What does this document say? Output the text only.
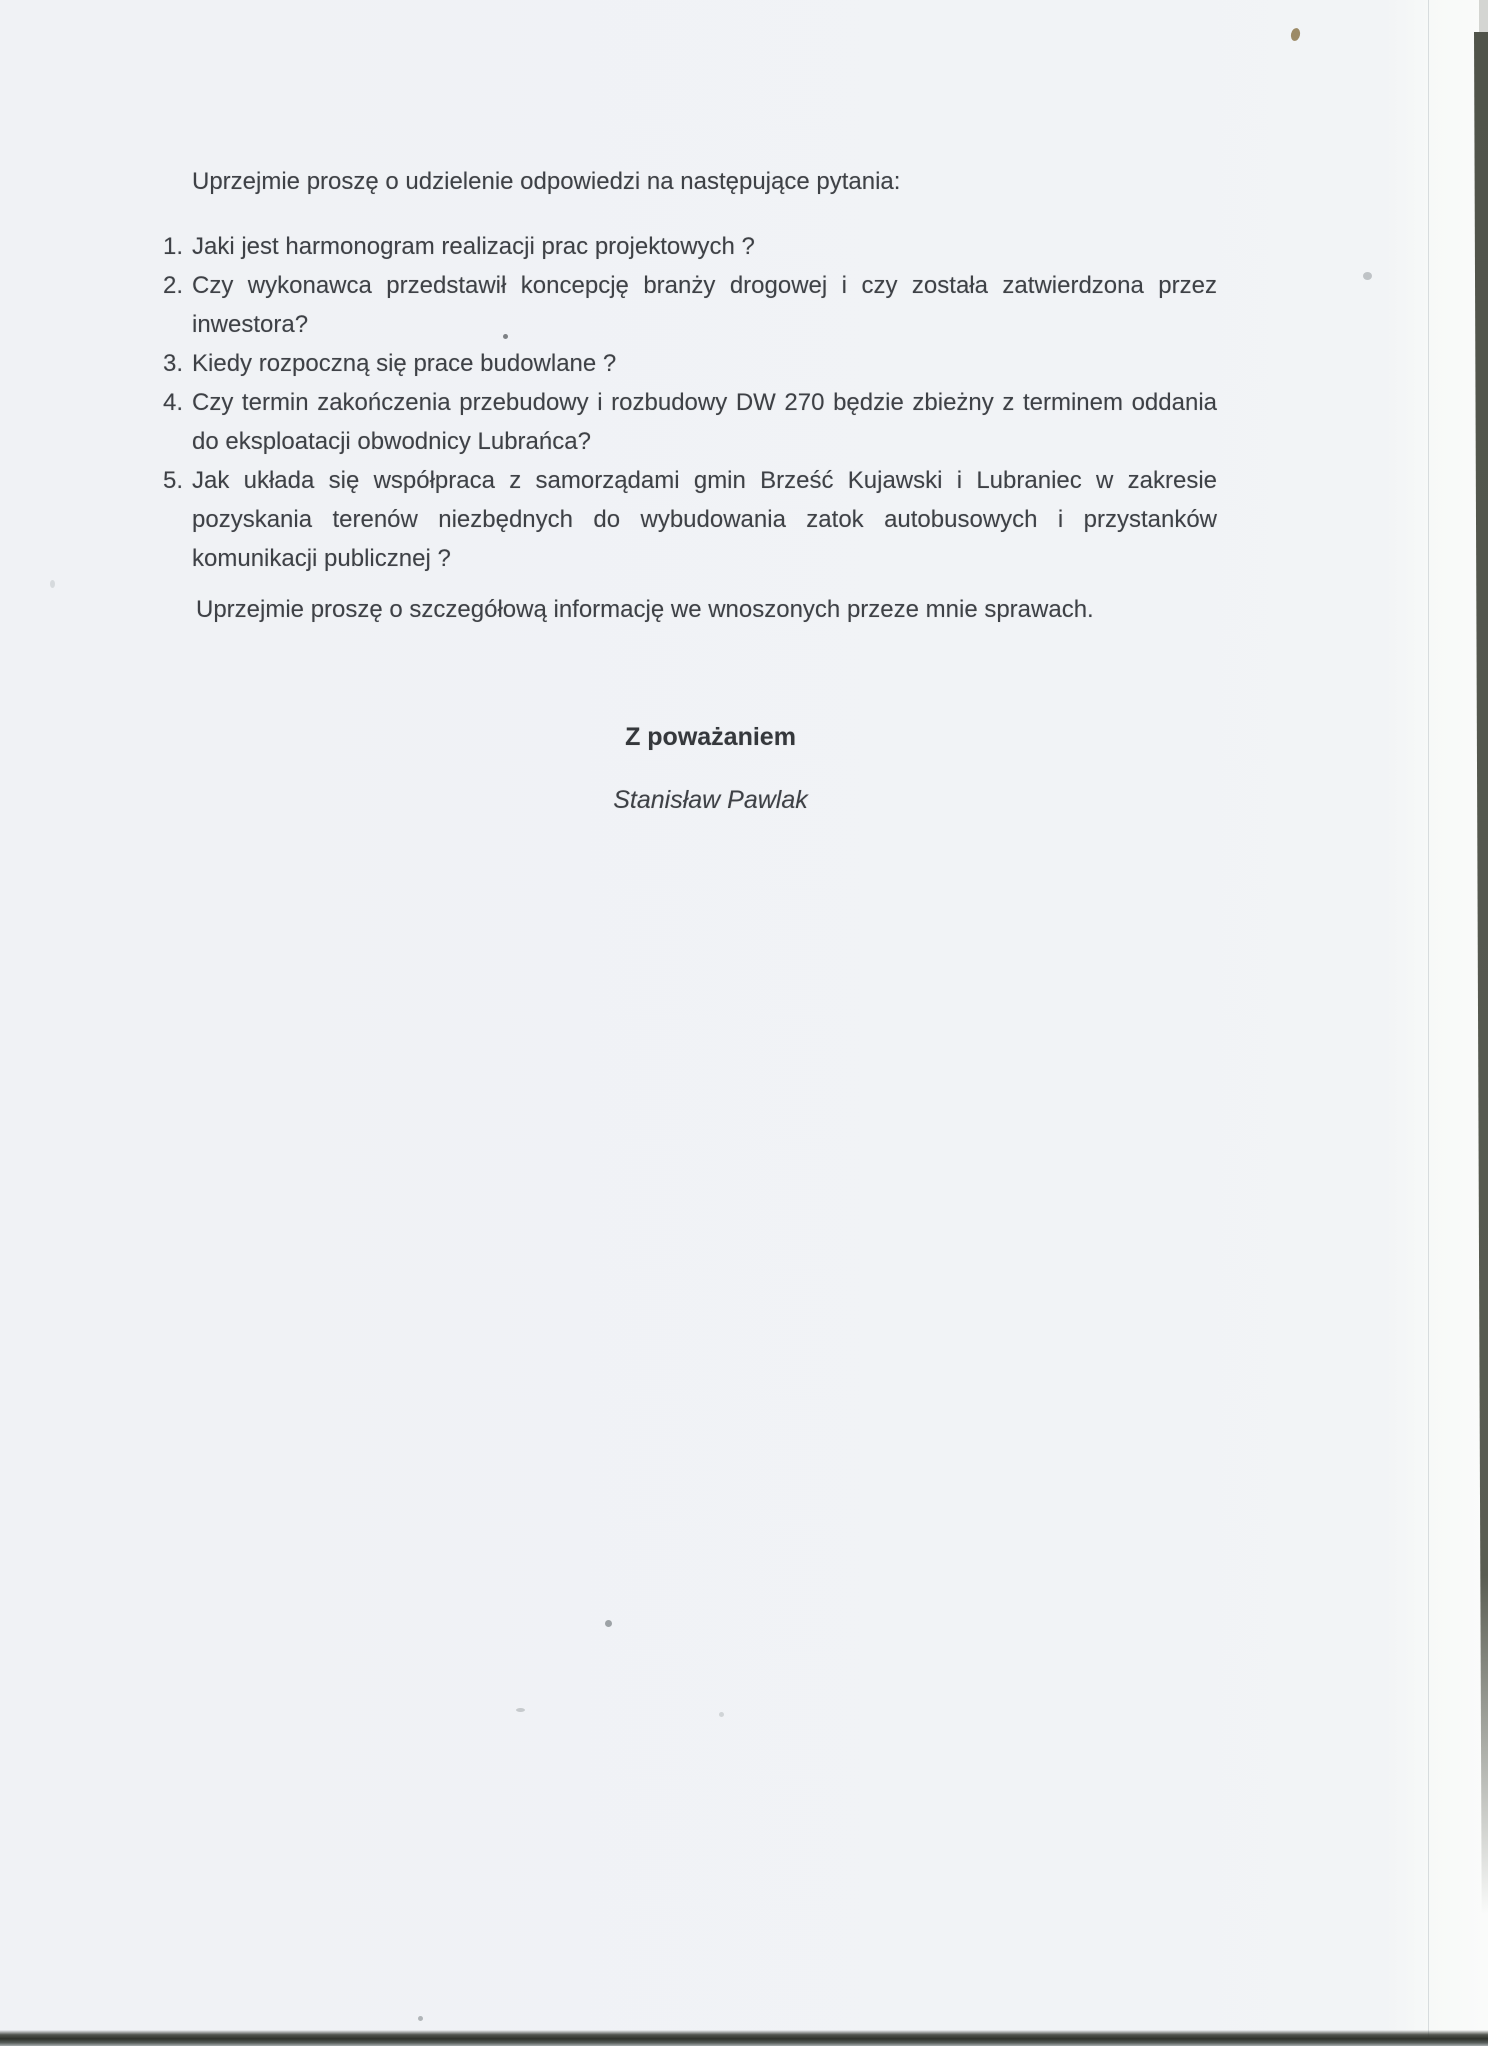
Uprzejmie proszę o udzielenie odpowiedzi na następujące pytania:

1. Jaki jest harmonogram realizacji prac projektowych ?
2. Czy wykonawca przedstawił koncepcję branży drogowej i czy została zatwierdzona przez inwestora?
3. Kiedy rozpoczną się prace budowlane ?
4. Czy termin zakończenia przebudowy i rozbudowy DW 270 będzie zbieżny z terminem oddania do eksploatacji obwodnicy Lubrańca?
5. Jak układa się współpraca z samorządami gmin Brześć Kujawski i Lubraniec w zakresie pozyskania terenów niezbędnych do wybudowania zatok autobusowych i przystanków komunikacji publicznej ?

Uprzejmie proszę o szczegółową informację we wnoszonych przeze mnie sprawach.

Z poważaniem
Stanisław Pawlak
